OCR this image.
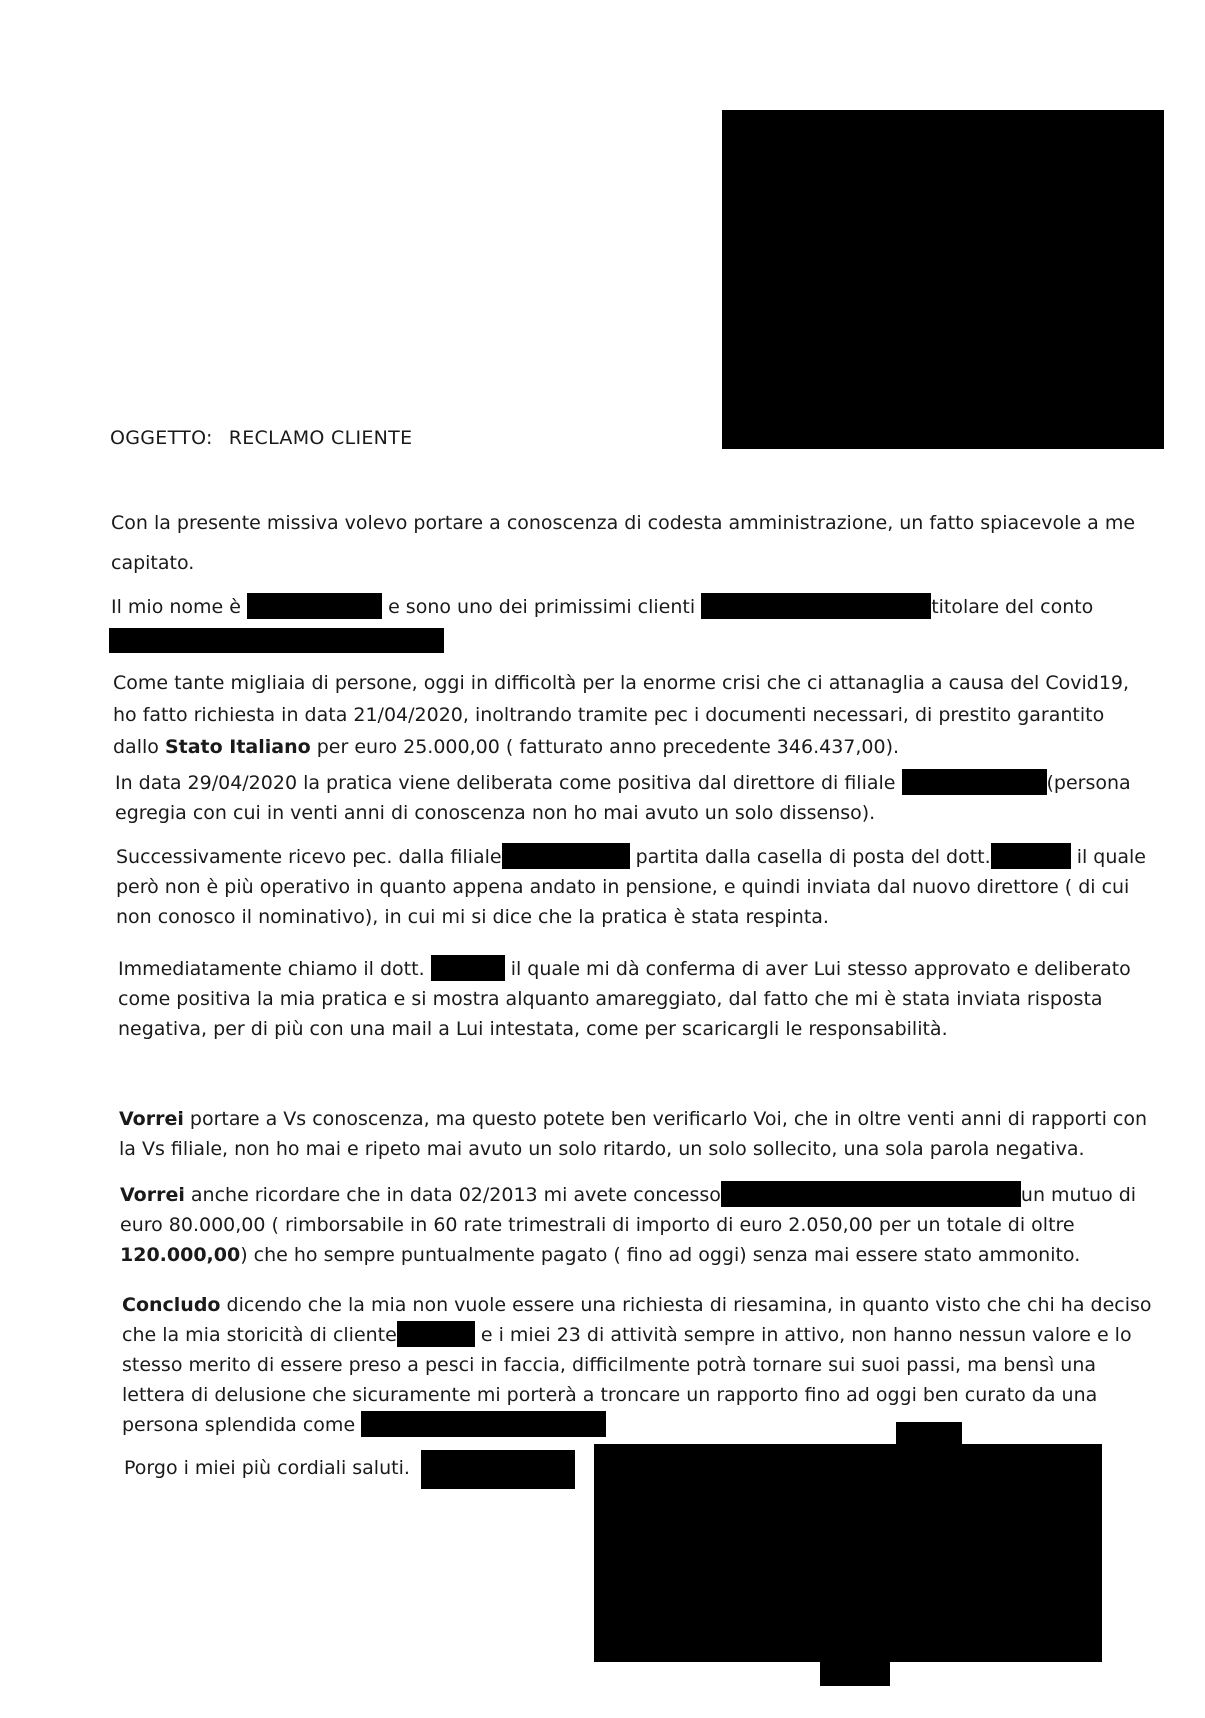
OGGETTO: RECLAMO CLIENTE
Con la presente missiva volevo portare a conoscenza di codesta amministrazione, un fatto spiacevole a me
capitato.
Il mio nome è	e sono uno dei primissimi clienti	titolare del conto
Come tante migliaia di persone, oggi in difficoltà per la enorme crisi che ci attanaglia a causa del Covid19,
ho fatto richiesta in data 21/04/2020, inoltrando tramite pec i documenti necessari, di prestito garantito
dallo Stato Italiano per euro 25.000,00 ( fatturato anno precedente 346.437,00).
In data 29/04/2020 la pratica viene deliberata come positiva dal direttore di filiale	(persona
egregia con cui in venti anni di conoscenza non ho mai avuto un solo dissenso).
Successivamente ricevo pec. dalla filiale	partita dalla casella di posta del dott.	il quale
però non è più operativo in quanto appena andato in pensione, e quindi inviata dal nuovo direttore ( di cui
non conosco il nominativo), in cui mi si dice che la pratica è stata respinta.
Immediatamente chiamo il dott.	il quale mi dà conferma di aver Lui stesso approvato e deliberato
come positiva la mia pratica e si mostra alquanto amareggiato, dal fatto che mi è stata inviata risposta
negativa, per di più con una mail a Lui intestata, come per scaricargli le responsabilità.
Vorrei portare a Vs conoscenza, ma questo potete ben verificarlo Voi, che in oltre venti anni di rapporti con
la Vs filiale, non ho mai e ripeto mai avuto un solo ritardo, un solo sollecito, una sola parola negativa.
Vorrei anche ricordare che in data 02/2013 mi avete concesso	un mutuo di
euro 80.000,00 ( rimborsabile in 60 rate trimestrali di importo di euro 2.050,00 per un totale di oltre
120.000,00) che ho sempre puntualmente pagato ( fino ad oggi) senza mai essere stato ammonito.
Concludo dicendo che la mia non vuole essere una richiesta di riesamina, in quanto visto che chi ha deciso
che la mia storicità di cliente	e i miei 23 di attività sempre in attivo, non hanno nessun valore e lo
stesso merito di essere preso a pesci in faccia, difficilmente potrà tornare sui suoi passi, ma bensì una
lettera di delusione che sicuramente mi porterà a troncare un rapporto fino ad oggi ben curato da una
persona splendida come
Porgo i miei più cordiali saluti.
